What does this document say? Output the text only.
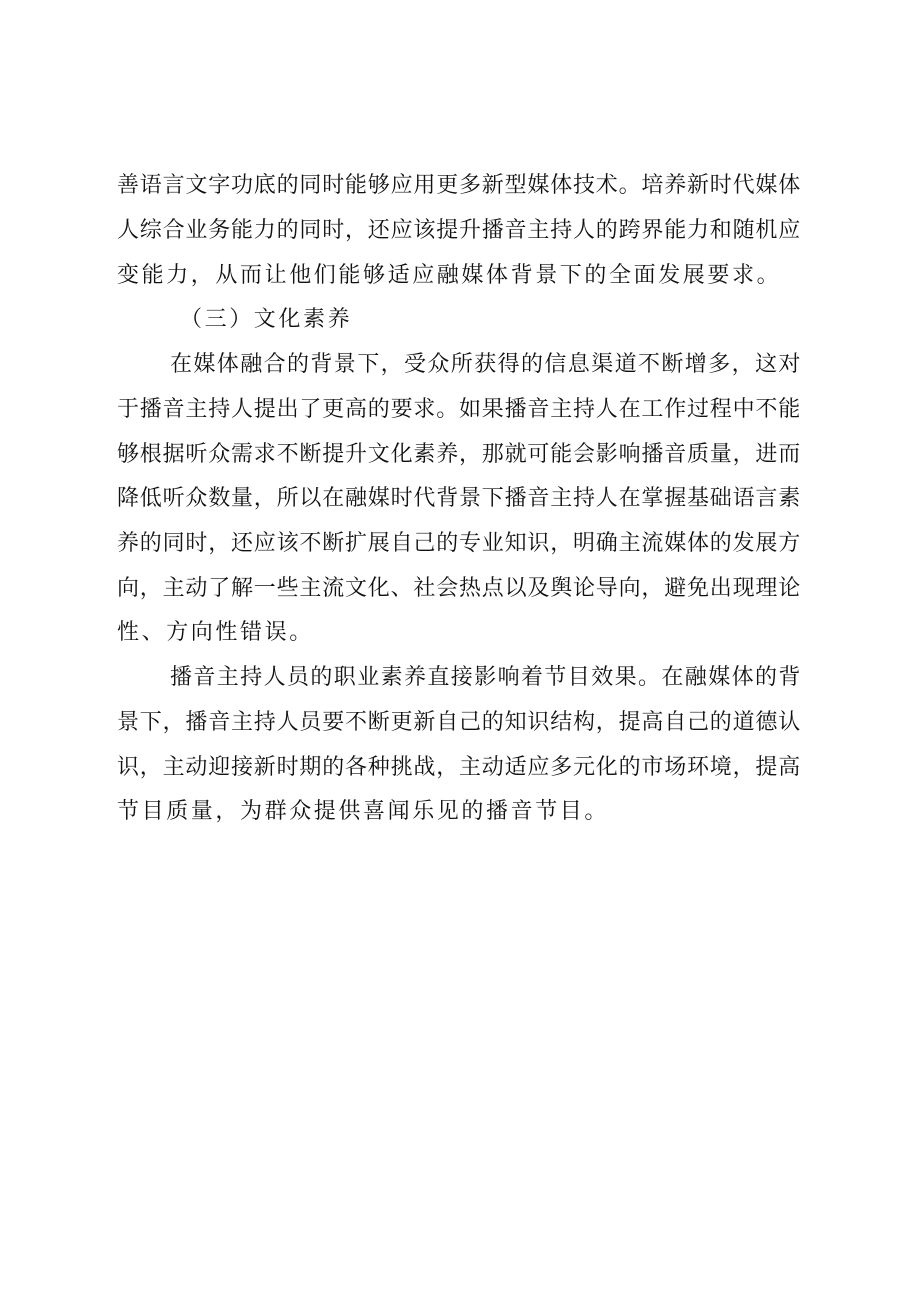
善语言文字功底的同时能够应用更多新型媒体技术。培养新时代媒体
人综合业务能力的同时，还应该提升播音主持人的跨界能力和随机应
变能力，从而让他们能够适应融媒体背景下的全面发展要求。
（三）文化素养
在媒体融合的背景下，受众所获得的信息渠道不断增多，这对
于播音主持人提出了更高的要求。如果播音主持人在工作过程中不能
够根据听众需求不断提升文化素养，那就可能会影响播音质量，进而
降低听众数量，所以在融媒时代背景下播音主持人在掌握基础语言素
养的同时，还应该不断扩展自己的专业知识，明确主流媒体的发展方
向，主动了解一些主流文化、社会热点以及舆论导向，避免出现理论
性、方向性错误。
播音主持人员的职业素养直接影响着节目效果。在融媒体的背
景下，播音主持人员要不断更新自己的知识结构，提高自己的道德认
识，主动迎接新时期的各种挑战，主动适应多元化的市场环境，提高
节目质量，为群众提供喜闻乐见的播音节目。
